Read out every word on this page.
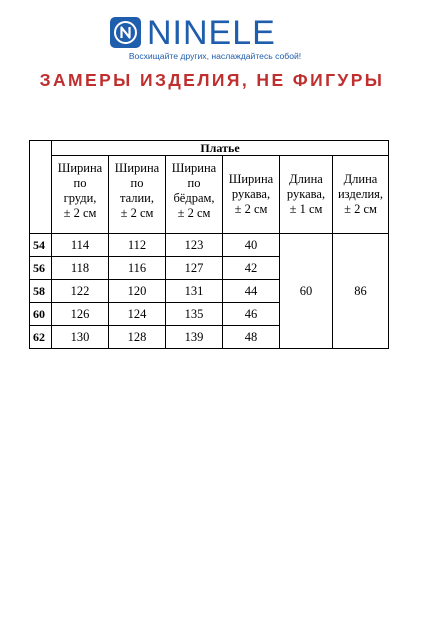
NINELE
Восхищайте других, наслаждайтесь собой!
ЗАМЕРЫ ИЗДЕЛИЯ, НЕ ФИГУРЫ
	Платье					

	Ширина
по
груди,
± 2 см	Ширина
по
талии,
± 2 см	Ширина
по
бёдрам,
± 2 см	Ширина
рукава,
± 2 см	Длина
рукава,
± 1 см	Длина
изделия,
± 2 см

54	114	112	123	40	60	86
56	118	116	127	42		
58	122	120	131	44		
60	126	124	135	46		
62	130	128	139	48		
